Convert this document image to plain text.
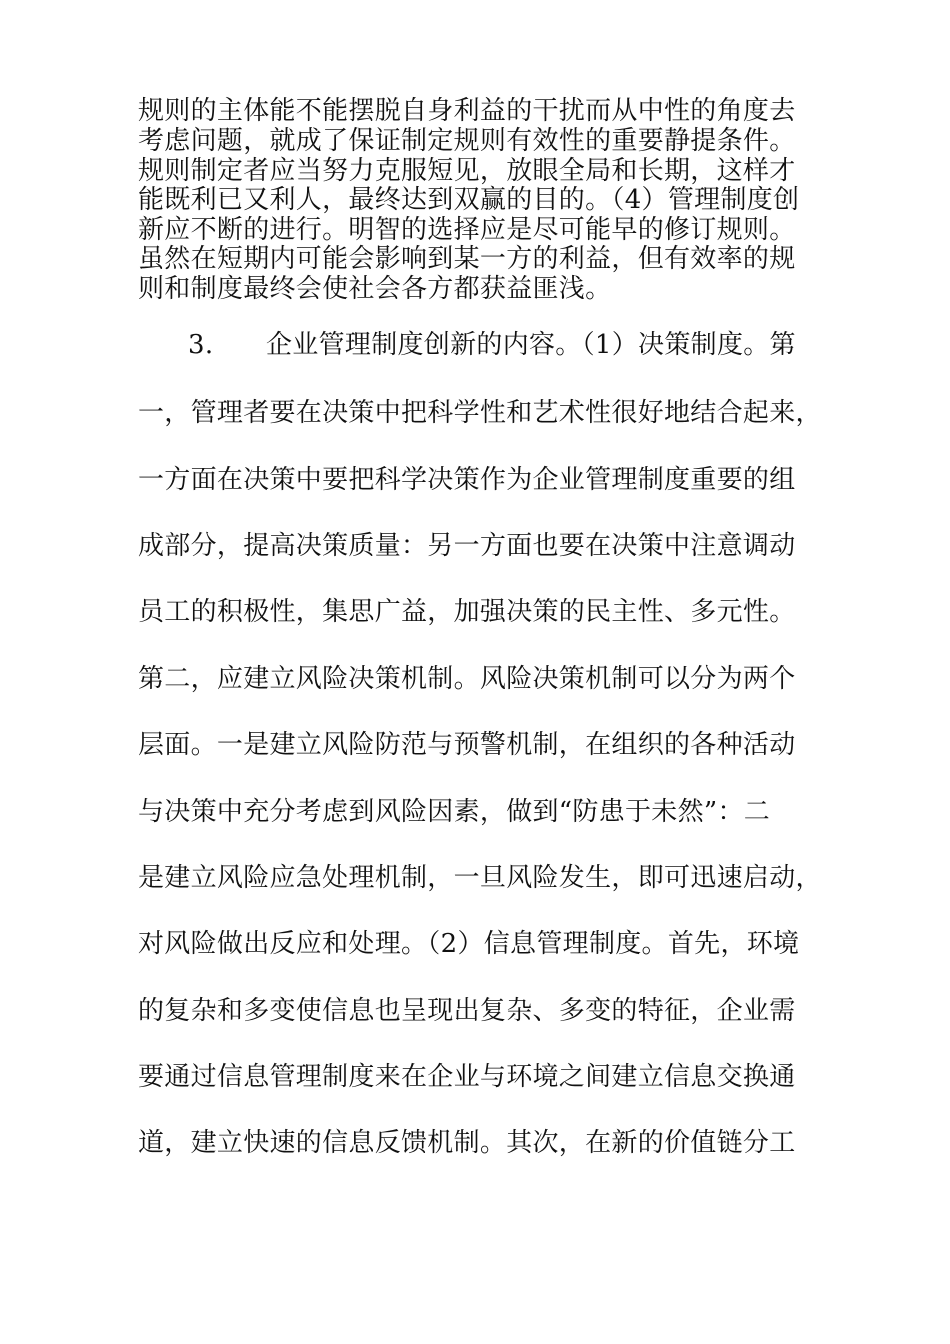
规则的主体能不能摆脱自身利益的干扰而从中性的角度去
考虑问题，就成了保证制定规则有效性的重要静提条件。
规则制定者应当努力克服短见，放眼全局和长期，这样才
能既利已又利人，最终达到双赢的目的。（4）管理制度创
新应不断的进行。明智的选择应是尽可能早的修订规则。
虽然在短期内可能会影响到某一方的利益，但有效率的规
则和制度最终会使社会各方都获益匪浅。
3.　　企业管理制度创新的内容。（1）决策制度。第
一，管理者要在决策中把科学性和艺术性很好地结合起来，
一方面在决策中要把科学决策作为企业管理制度重要的组
成部分，提高决策质量：另一方面也要在决策中注意调动
员工的积极性，集思广益，加强决策的民主性、多元性。
第二，应建立风险决策机制。风险决策机制可以分为两个
层面。一是建立风险防范与预警机制，在组织的各种活动
与决策中充分考虑到风险因素，做到“防患于未然”：二
是建立风险应急处理机制，一旦风险发生，即可迅速启动，
对风险做出反应和处理。（2）信息管理制度。首先，环境
的复杂和多变使信息也呈现出复杂、多变的特征，企业需
要通过信息管理制度来在企业与环境之间建立信息交换通
道，建立快速的信息反馈机制。其次，在新的价值链分工
